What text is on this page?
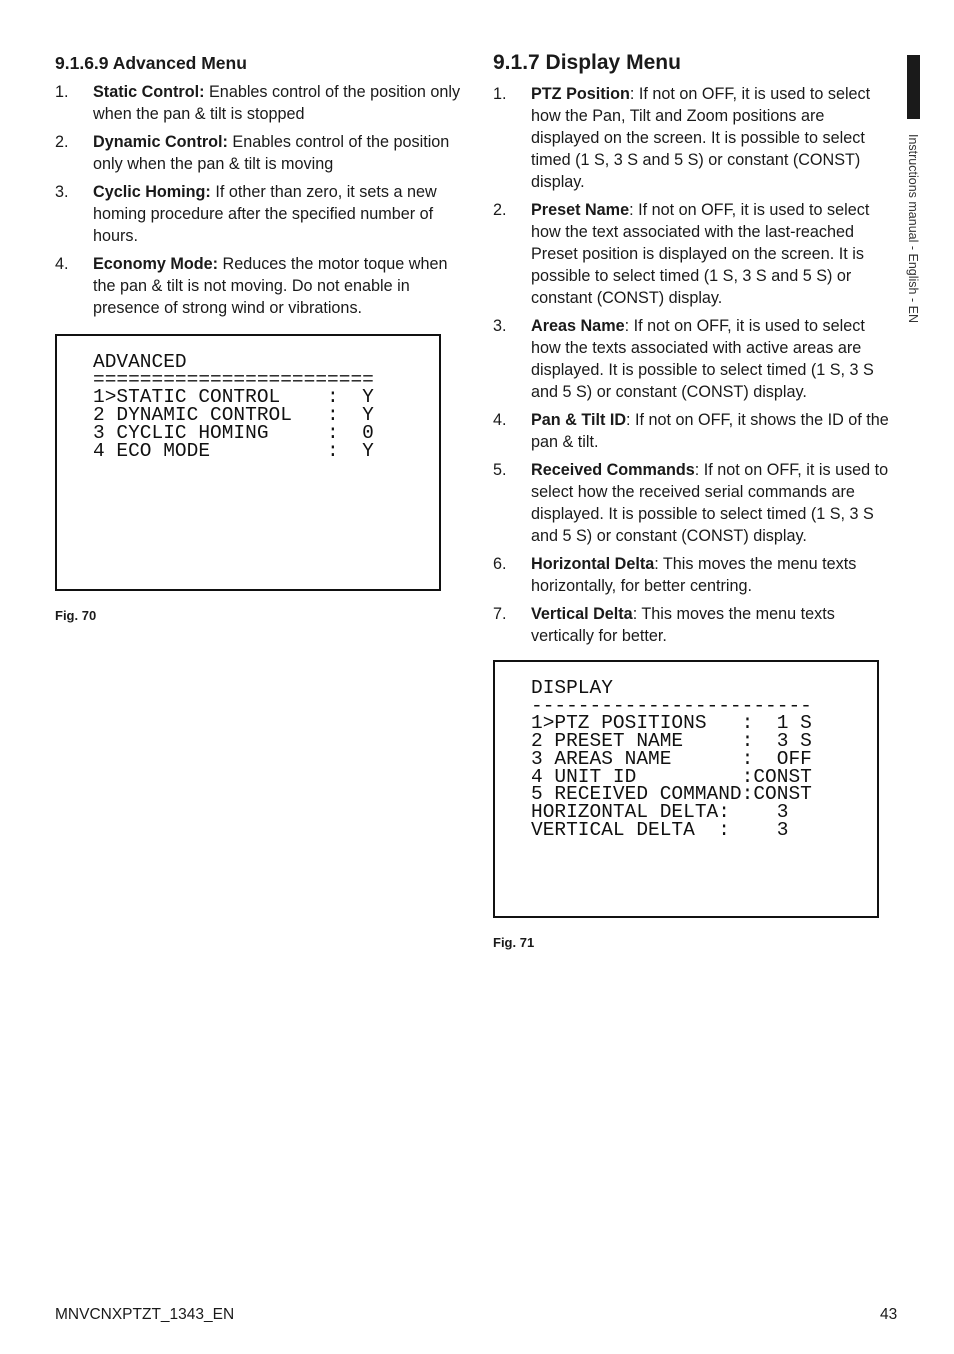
9.1.6.9 Advanced Menu
1. Static Control: Enables control of the position only when the pan & tilt is stopped
2. Dynamic Control: Enables control of the position only when the pan & tilt is moving
3. Cyclic Homing: If other than zero, it sets a new homing procedure after the specified number of hours.
4. Economy Mode: Reduces the motor toque when the pan & tilt is not moving. Do not enable in presence of strong wind or vibrations.
ADVANCED
========================
1>STATIC CONTROL    :  Y
2 DYNAMIC CONTROL   :  Y
3 CYCLIC HOMING     :  0
4 ECO MODE          :  Y
Fig. 70
9.1.7 Display Menu
1. PTZ Position: If not on OFF, it is used to select how the Pan, Tilt and Zoom positions are displayed on the screen. It is possible to select timed (1 S, 3 S and 5 S) or constant (CONST) display.
2. Preset Name: If not on OFF, it is used to select how the text associated with the last-reached Preset position is displayed on the screen. It is possible to select timed (1 S, 3 S and 5 S) or constant (CONST) display.
3. Areas Name: If not on OFF, it is used to select how the texts associated with active areas are displayed. It is possible to select timed (1 S, 3 S and 5 S) or constant (CONST) display.
4. Pan & Tilt ID: If not on OFF, it shows the ID of the pan & tilt.
5. Received Commands: If not on OFF, it is used to select how the received serial commands are displayed. It is possible to select timed (1 S, 3 S and 5 S) or constant (CONST) display.
6. Horizontal Delta: This moves the menu texts horizontally, for better centring.
7. Vertical Delta: This moves the menu texts vertically for better.
DISPLAY
------------------------
1>PTZ POSITIONS   :  1 S
2 PRESET NAME     :  3 S
3 AREAS NAME      :  OFF
4 UNIT ID         :CONST
5 RECEIVED COMMAND:CONST
HORIZONTAL DELTA:    3
VERTICAL DELTA  :    3
Fig. 71
Instructions manual - English - EN
MNVCNXPTZT_1343_EN	43
